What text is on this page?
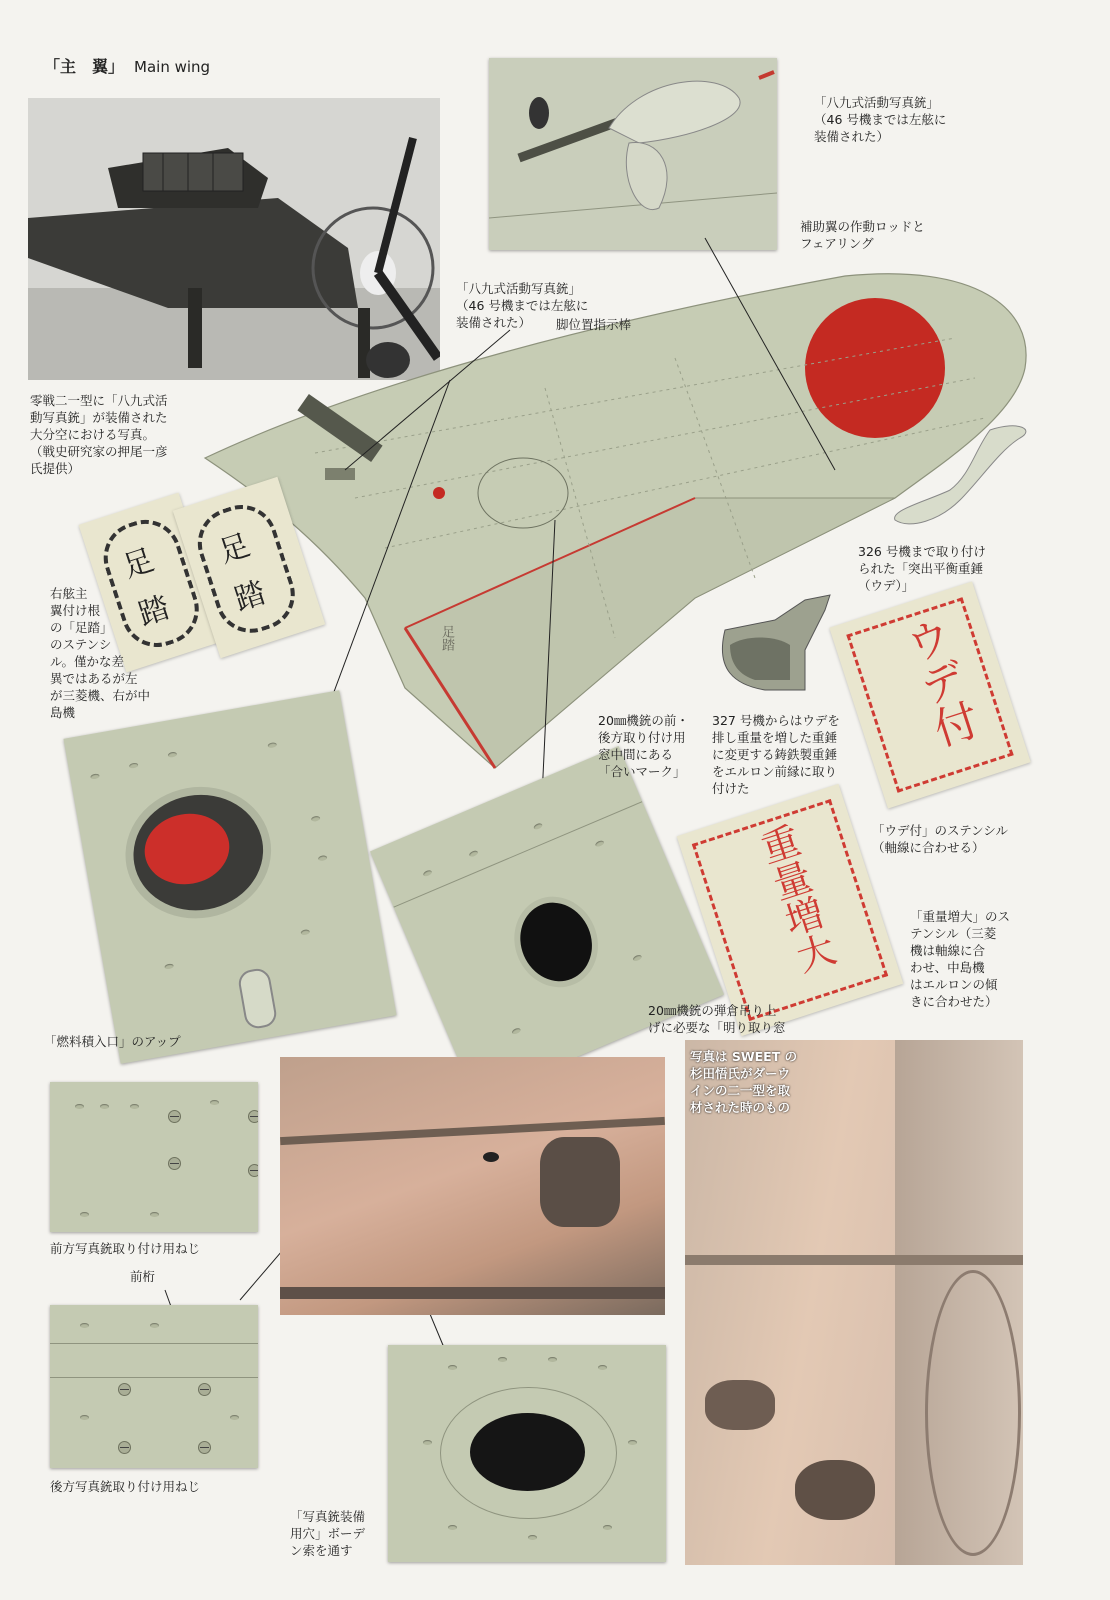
「主　翼」 Main wing
零戦二一型に「八九式活
動写真銃」が装備された
大分空における写真。
（戦史研究家の押尾一彦
氏提供）
「八九式活動写真銃」
（46 号機までは左舷に
装備された）
補助翼の作動ロッドと
フェアリング
「八九式活動写真銃」
（46 号機までは左舷に
装備された）	脚位置指示棒
足踏
足
踏
足
踏
右舷主
翼付け根
の「足踏」
のステンシ
ル。僅かな差
異ではあるが左
が三菱機、右が中
島機
326 号機まで取り付け
られた「突出平衡重錘
（ウデ）」
327 号機からはウデを
排し重量を増した重錘
に変更する鋳鉄製重錘
をエルロン前縁に取り
付けた
ウデ付
「ウデ付」のステンシル
（軸線に合わせる）
重量増大	「重量増大」のス
テンシル（三菱
機は軸線に合
わせ、中島機
はエルロンの傾
きに合わせた）
「燃料積入口」のアップ
20㎜機銃の前・
後方取り付け用
窓中間にある
「合いマーク」
20㎜機銃の弾倉吊り上
げに必要な「明り取り窓
写真は SWEET の
杉田悟氏がダーウ
インの二一型を取
材された時のもの
前方写真銃取り付け用ねじ
前桁
後方写真銃取り付け用ねじ
「写真銃装備
用穴」ボーデ
ン索を通す
